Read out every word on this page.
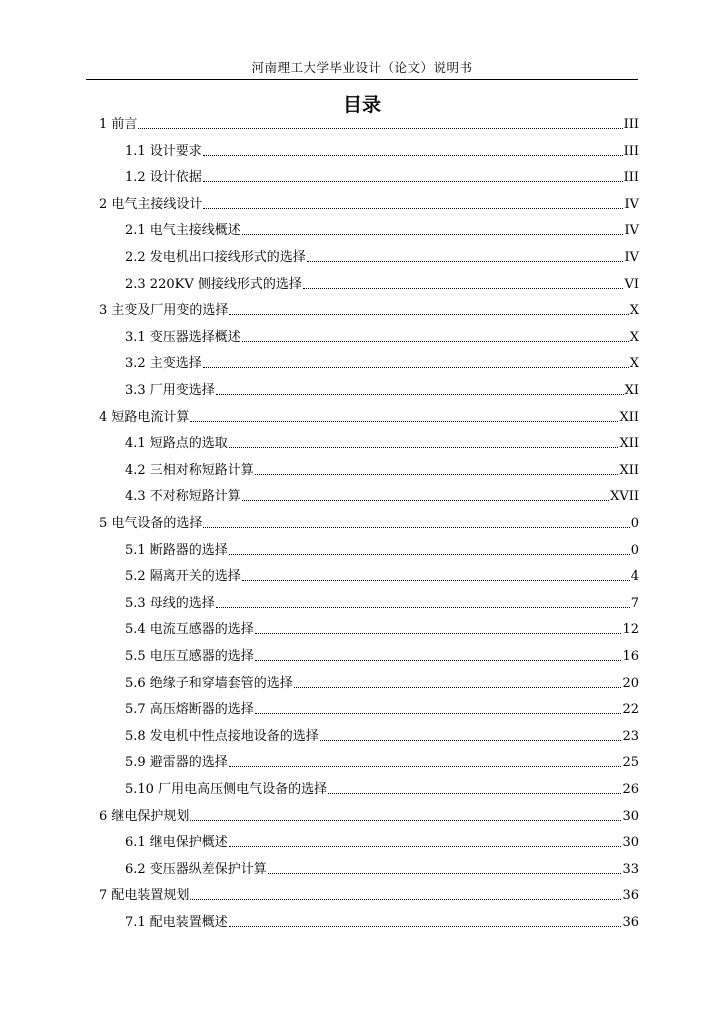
河南理工大学毕业设计（论文）说明书
目录
1 前言	III
1.1 设计要求	III
1.2 设计依据	III
2 电气主接线设计	IV
2.1 电气主接线概述	IV
2.2 发电机出口接线形式的选择	IV
2.3 220KV 侧接线形式的选择	VI
3 主变及厂用变的选择	X
3.1 变压器选择概述	X
3.2 主变选择	X
3.3 厂用变选择	XI
4 短路电流计算	XII
4.1 短路点的选取	XII
4.2 三相对称短路计算	XII
4.3 不对称短路计算	XVII
5 电气设备的选择	0
5.1 断路器的选择	0
5.2 隔离开关的选择	4
5.3 母线的选择	7
5.4 电流互感器的选择	12
5.5 电压互感器的选择	16
5.6 绝缘子和穿墙套管的选择	20
5.7 高压熔断器的选择	22
5.8 发电机中性点接地设备的选择	23
5.9 避雷器的选择	25
5.10 厂用电高压侧电气设备的选择	26
6 继电保护规划	30
6.1 继电保护概述	30
6.2 变压器纵差保护计算	33
7 配电装置规划	36
7.1 配电装置概述	36
